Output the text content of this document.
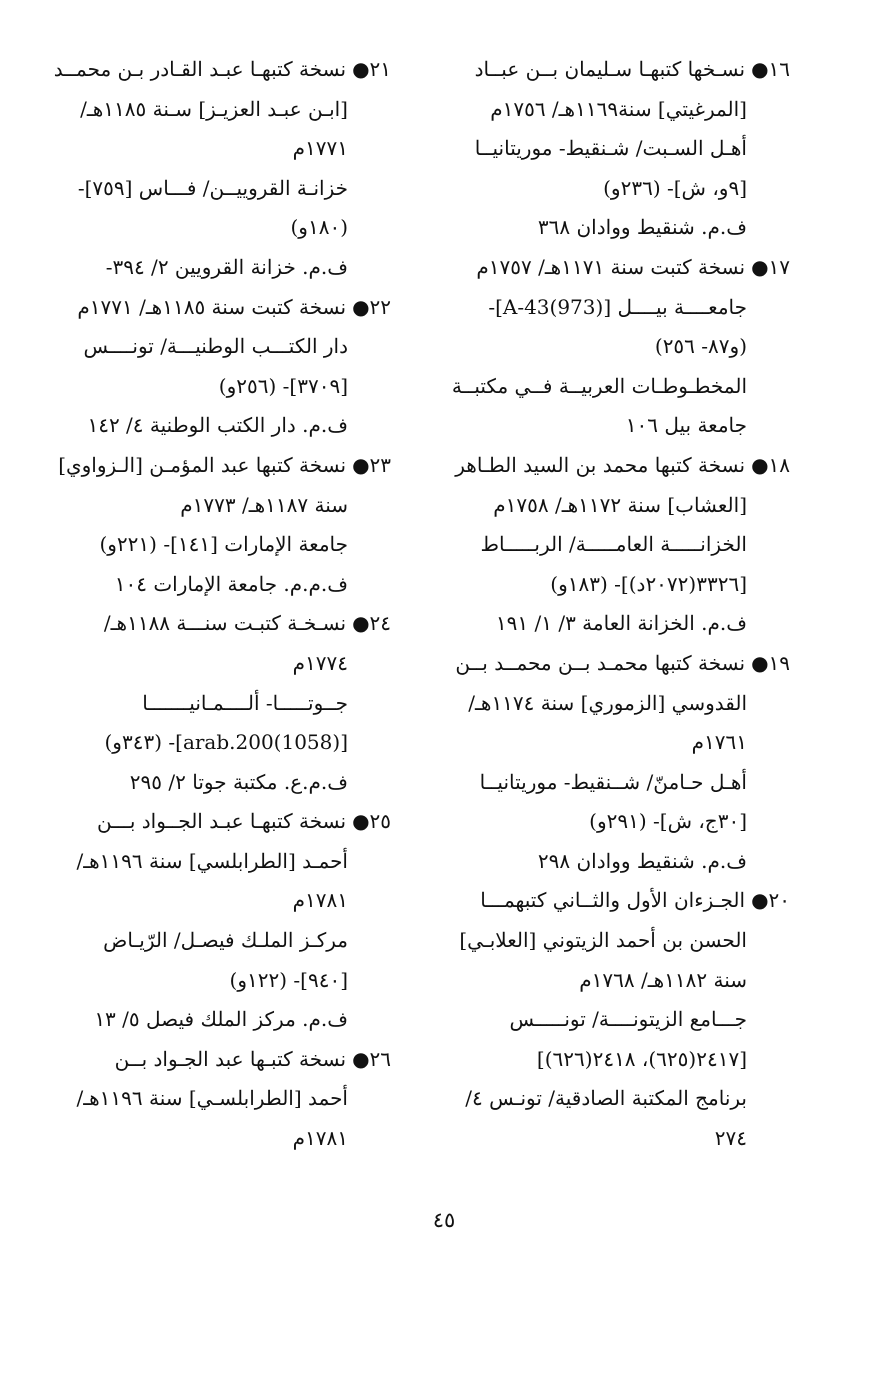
١٦●نسـخها كتبهـا سـليمان بــن عبــاد
[المرغيتي] سنة١١٦٩هـ/ ١٧٥٦م
أهـل السـبت/ شـنقيط- موريتانيــا
[٩و، ش]- (٢٣٦و)
ف.م. شنقيط ووادان ٣٦٨
١٧●نسخة كتبت سنة ١١٧١هـ/ ١٧٥٧م
جامعــــة بيــــل [A-43(973)]-
(و٨٧- ٢٥٦)
المخطـوطـات العربيــة فــي مكتبــة
جامعة بيل ١٠٦
١٨●نسخة كتبها محمد بن السيد الطـاهر
[العشاب] سنة ١١٧٢هـ/ ١٧٥٨م
الخزانـــــة العامـــــة/ الربـــــاط
[٣٣٢٦(٢٠٧٢د)]- (١٨٣و)
ف.م. الخزانة العامة ٣/ ١/ ١٩١
١٩●نسخة كتبها محمـد بــن محمــد بــن
القدوسي [الزموري] سنة ١١٧٤هـ/
١٧٦١م
أهـل حـامنّ/ شــنقيط- موريتانيــا
[٣٠ج، ش]- (٢٩١و)
ف.م. شنقيط ووادان ٢٩٨
٢٠●الجـزءان الأول والثــاني كتبهمـــا
الحسن بن أحمد الزيتوني [العلابـي]
سنة ١١٨٢هـ/ ١٧٦٨م
جـــامع الزيتونــــة/ تونـــــس
[٢٤١٧(٦٢٥)، ٢٤١٨(٦٢٦)]
برنامج المكتبة الصادقية/ تونـس ٤/
٢٧٤
٢١●نسخة كتبهـا عبـد القـادر بـن محمــد
[ابـن عبـد العزيـز] سـنة ١١٨٥هـ/
١٧٧١م
خزانـة القروييــن/ فـــاس [٧٥٩]-
(١٨٠و)
ف.م. خزانة القرويين ٢/ ٣٩٤-
٢٢●نسخة كتبت سنة ١١٨٥هـ/ ١٧٧١م
دار الكتـــب الوطنيـــة/ تونــــس
[٣٧٠٩]- (٢٥٦و)
ف.م. دار الكتب الوطنية ٤/ ١٤٢
٢٣●نسخة كتبها عبد المؤمـن [الـزواوي]
سنة ١١٨٧هـ/ ١٧٧٣م
جامعة الإمارات [١٤١]- (٢٢١و)
ف.م.م. جامعة الإمارات ١٠٤
٢٤●نسـخـة كتبـت سنـــة ١١٨٨هـ/
١٧٧٤م
جــوتـــــا- ألــــمـانيـــــــا
[arab.200(1058)]- (٣٤٣و)
ف.م.ع. مكتبة جوتا ٢/ ٢٩٥
٢٥●نسخة كتبهـا عبـد الجــواد بـــن
أحمـد [الطرابلسي] سنة ١١٩٦هـ/
١٧٨١م
مركـز الملـك فيصـل/ الرّيـاض
[٩٤٠]- (١٢٢و)
ف.م. مركز الملك فيصل ٥/ ١٣
٢٦●نسخة كتبـها عبد الجـواد بــن
أحمد [الطرابلسـي] سنة ١١٩٦هـ/
١٧٨١م
٤٥
